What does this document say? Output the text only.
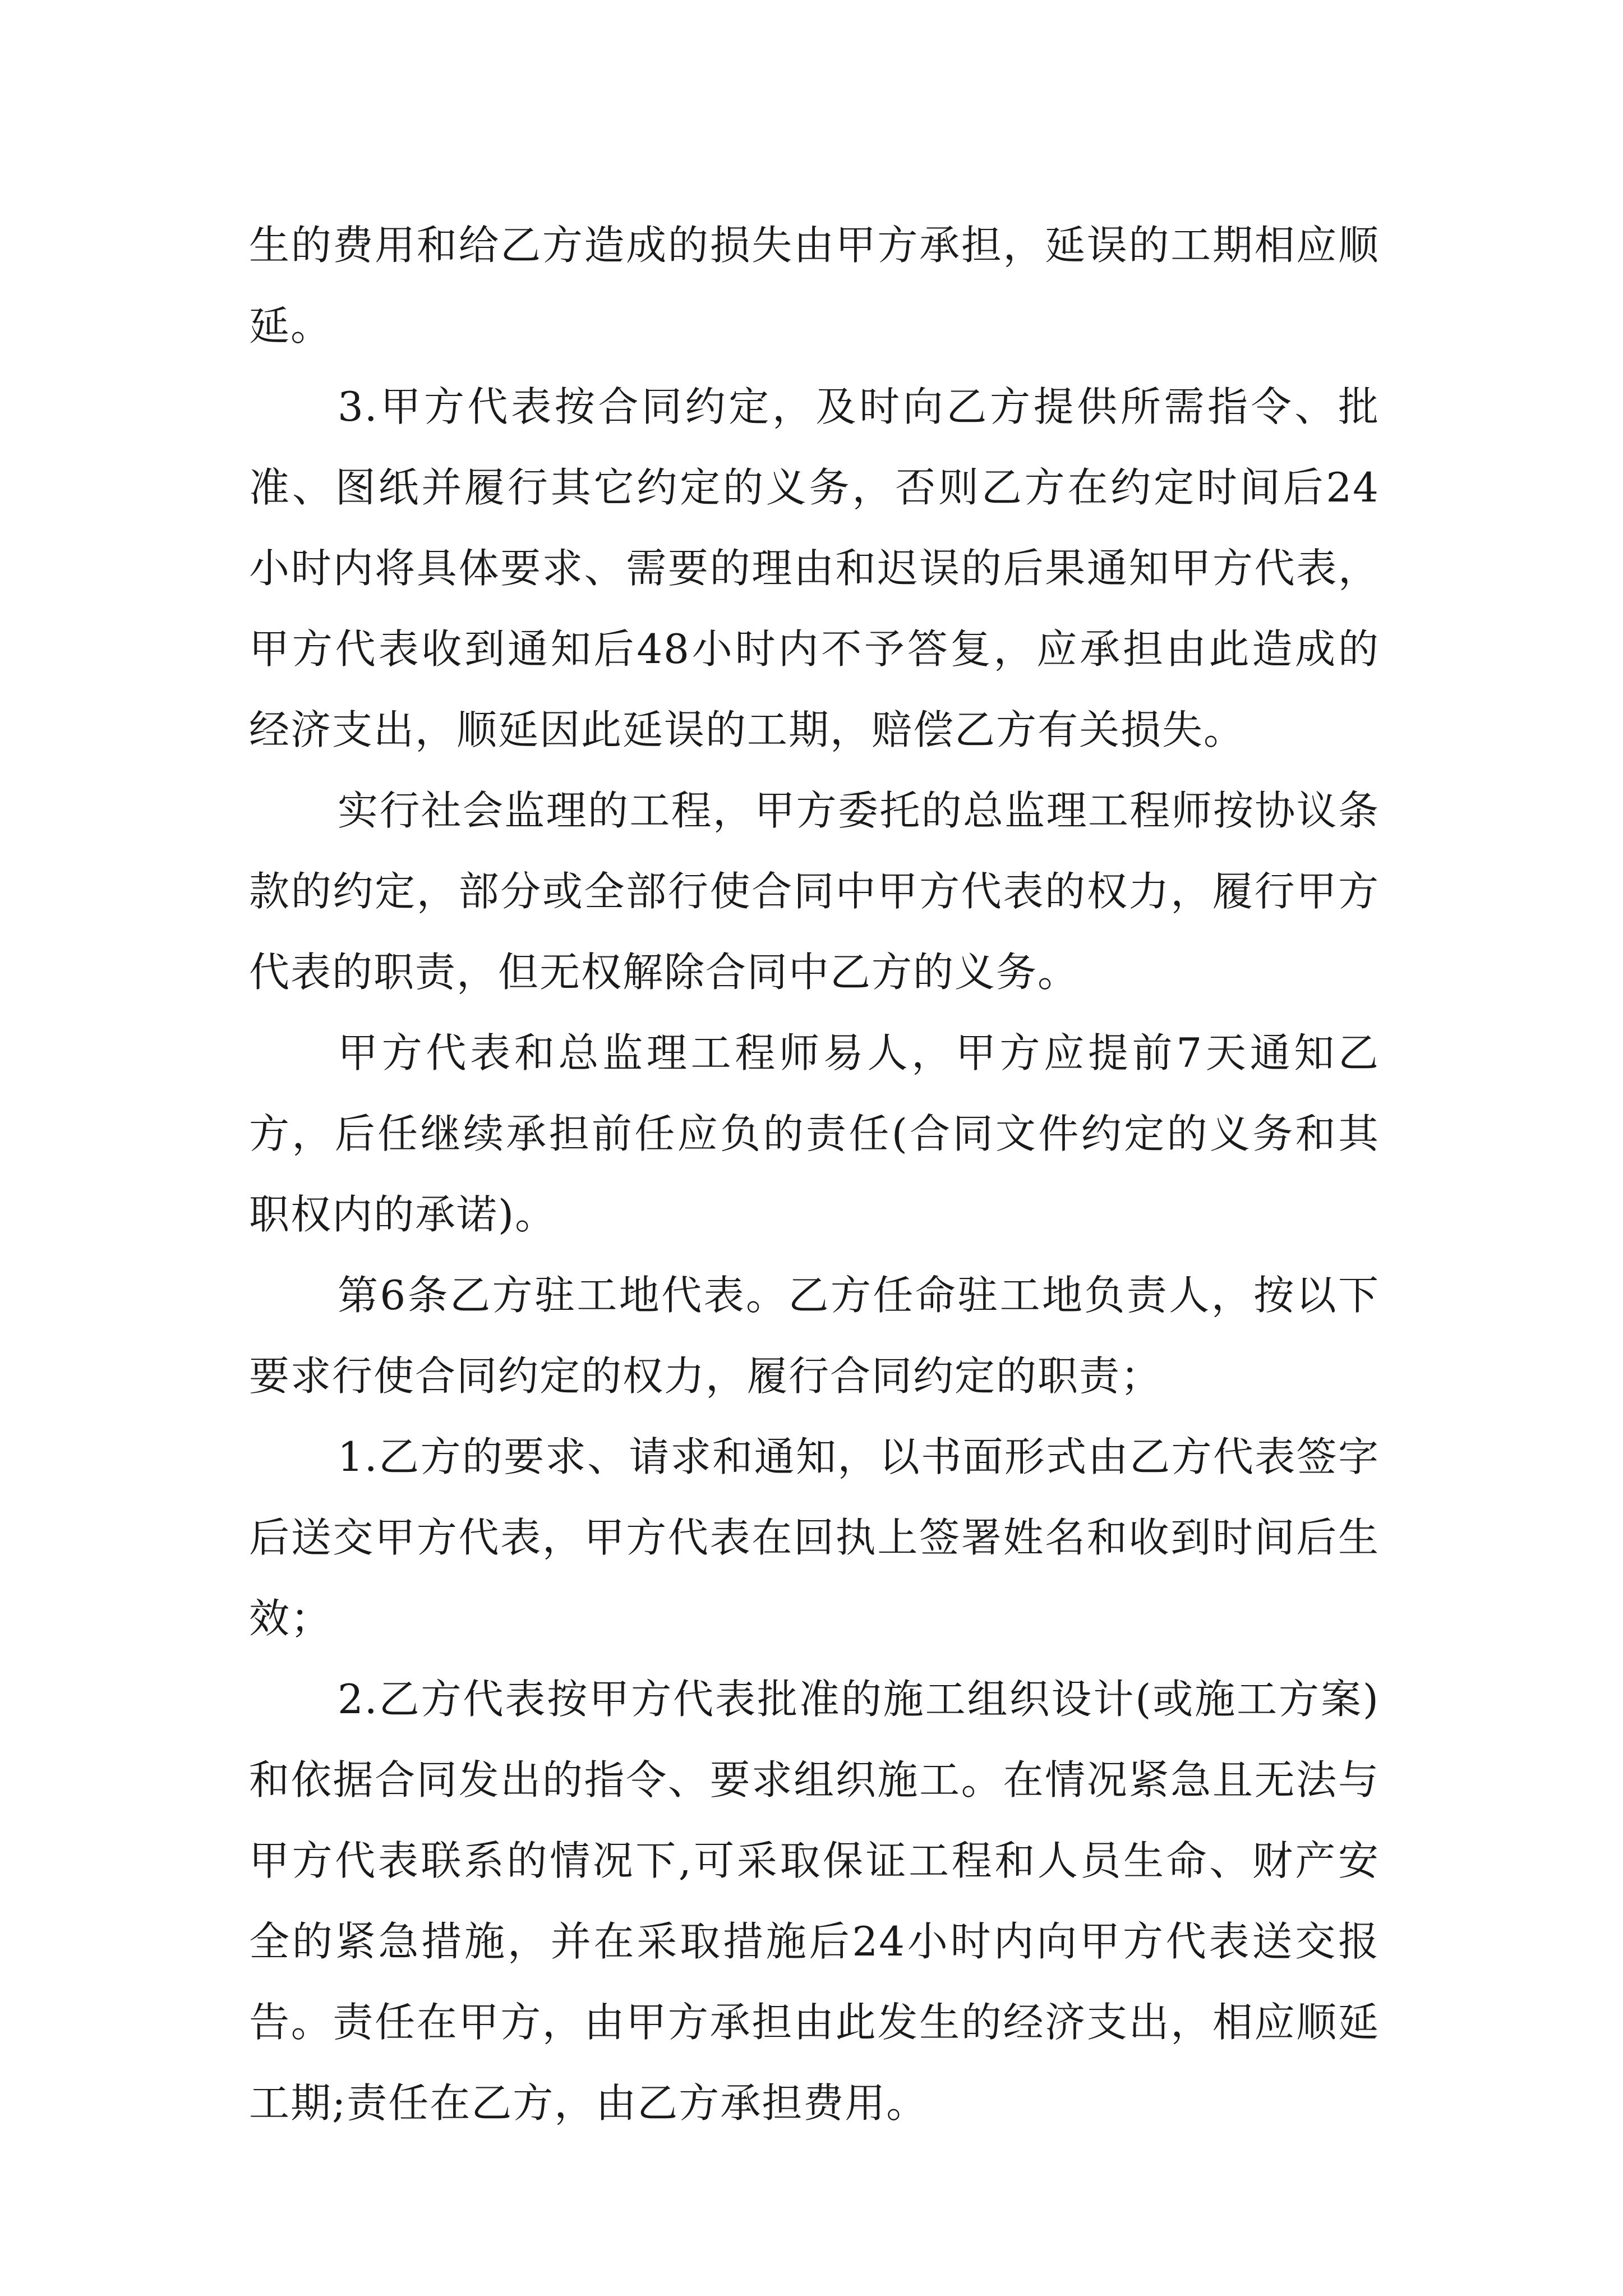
生的费用和给乙方造成的损失由甲方承担，延误的工期相应顺延。

3.甲方代表按合同约定，及时向乙方提供所需指令、批准、图纸并履行其它约定的义务，否则乙方在约定时间后24小时内将具体要求、需要的理由和迟误的后果通知甲方代表，甲方代表收到通知后48小时内不予答复，应承担由此造成的经济支出，顺延因此延误的工期，赔偿乙方有关损失。

实行社会监理的工程，甲方委托的总监理工程师按协议条款的约定，部分或全部行使合同中甲方代表的权力，履行甲方代表的职责，但无权解除合同中乙方的义务。

甲方代表和总监理工程师易人，甲方应提前7天通知乙方，后任继续承担前任应负的责任(合同文件约定的义务和其职权内的承诺)。

第6条乙方驻工地代表。乙方任命驻工地负责人，按以下要求行使合同约定的权力，履行合同约定的职责；

1.乙方的要求、请求和通知，以书面形式由乙方代表签字后送交甲方代表，甲方代表在回执上签署姓名和收到时间后生效；

2.乙方代表按甲方代表批准的施工组织设计(或施工方案)和依据合同发出的指令、要求组织施工。在情况紧急且无法与甲方代表联系的情况下,可采取保证工程和人员生命、财产安全的紧急措施，并在采取措施后24小时内向甲方代表送交报告。责任在甲方，由甲方承担由此发生的经济支出，相应顺延工期;责任在乙方，由乙方承担费用。
